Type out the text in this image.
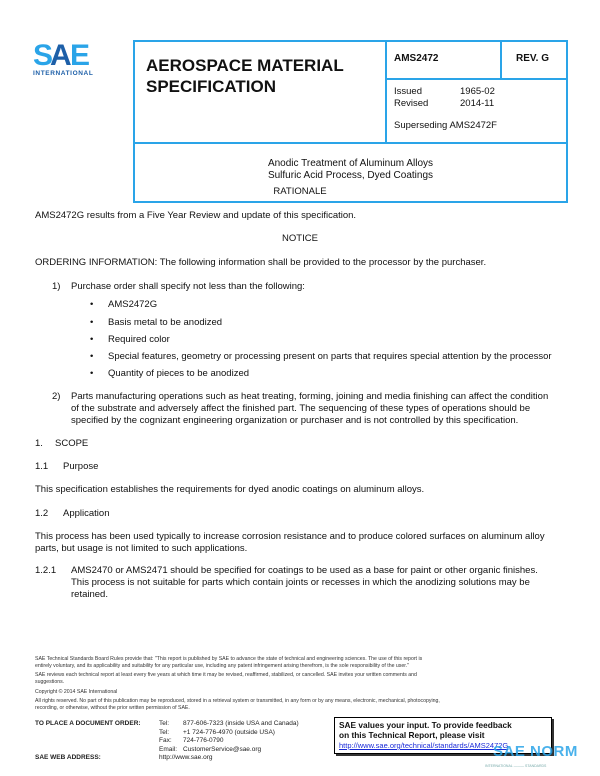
S A E
INTERNATIONAL	AEROSPACE MATERIAL
SPECIFICATION
AMS2472	REV. G
Issued	1965-02
Revised	2014-11
Superseding AMS2472F
Anodic Treatment of Aluminum Alloys
Sulfuric Acid Process, Dyed Coatings
RATIONALE
AMS2472G results from a Five Year Review and update of this specification.
NOTICE
ORDERING INFORMATION: The following information shall be provided to the processor by the purchaser.
1) Purchase order shall specify not less than the following:
• AMS2472G
• Basis metal to be anodized
• Required color
• Special features, geometry or processing present on parts that requires special attention by the processor
• Quantity of pieces to be anodized
2) Parts manufacturing operations such as heat treating, forming, joining and media finishing can affect the condition
of the substrate and adversely affect the finished part. The sequencing of these types of operations should be
specified by the cognizant engineering organization or purchaser and is not controlled by this specification.
1. SCOPE
1.1 Purpose
This specification establishes the requirements for dyed anodic coatings on aluminum alloys.
1.2 Application
This process has been used typically to increase corrosion resistance and to produce colored surfaces on aluminum alloy
parts, but usage is not limited to such applications.
1.2.1 AMS2470 or AMS2471 should be specified for coatings to be used as a base for paint or other organic finishes.
This process is not suitable for parts which contain joints or recesses in which the anodizing solutions may be
retained.
SAE Technical Standards Board Rules provide that: "This report is published by SAE to advance the state of technical and engineering sciences. The use of this report is
entirely voluntary, and its applicability and suitability for any particular use, including any patent infringement arising therefrom, is the sole responsibility of the user."
SAE reviews each technical report at least every five years at which time it may be revised, reaffirmed, stabilized, or cancelled. SAE invites your written comments and
suggestions.
Copyright © 2014 SAE International
All rights reserved. No part of this publication may be reproduced, stored in a retrieval system or transmitted, in any form or by any means, electronic, mechanical, photocopying,
recording, or otherwise, without the prior written permission of SAE.
TO PLACE A DOCUMENT ORDER:	Tel: 877-606-7323 (inside USA and Canada)
Tel: +1 724-776-4970 (outside USA)
Fax: 724-776-0790
Email: CustomerService@sae.org
http://www.sae.org
SAE WEB ADDRESS:
SAE values your input. To provide feedback
on this Technical Report, please visit
http://www.sae.org/technical/standards/AMS2472G
SAE NORM
INTERNATIONAL ——— STANDARDS
